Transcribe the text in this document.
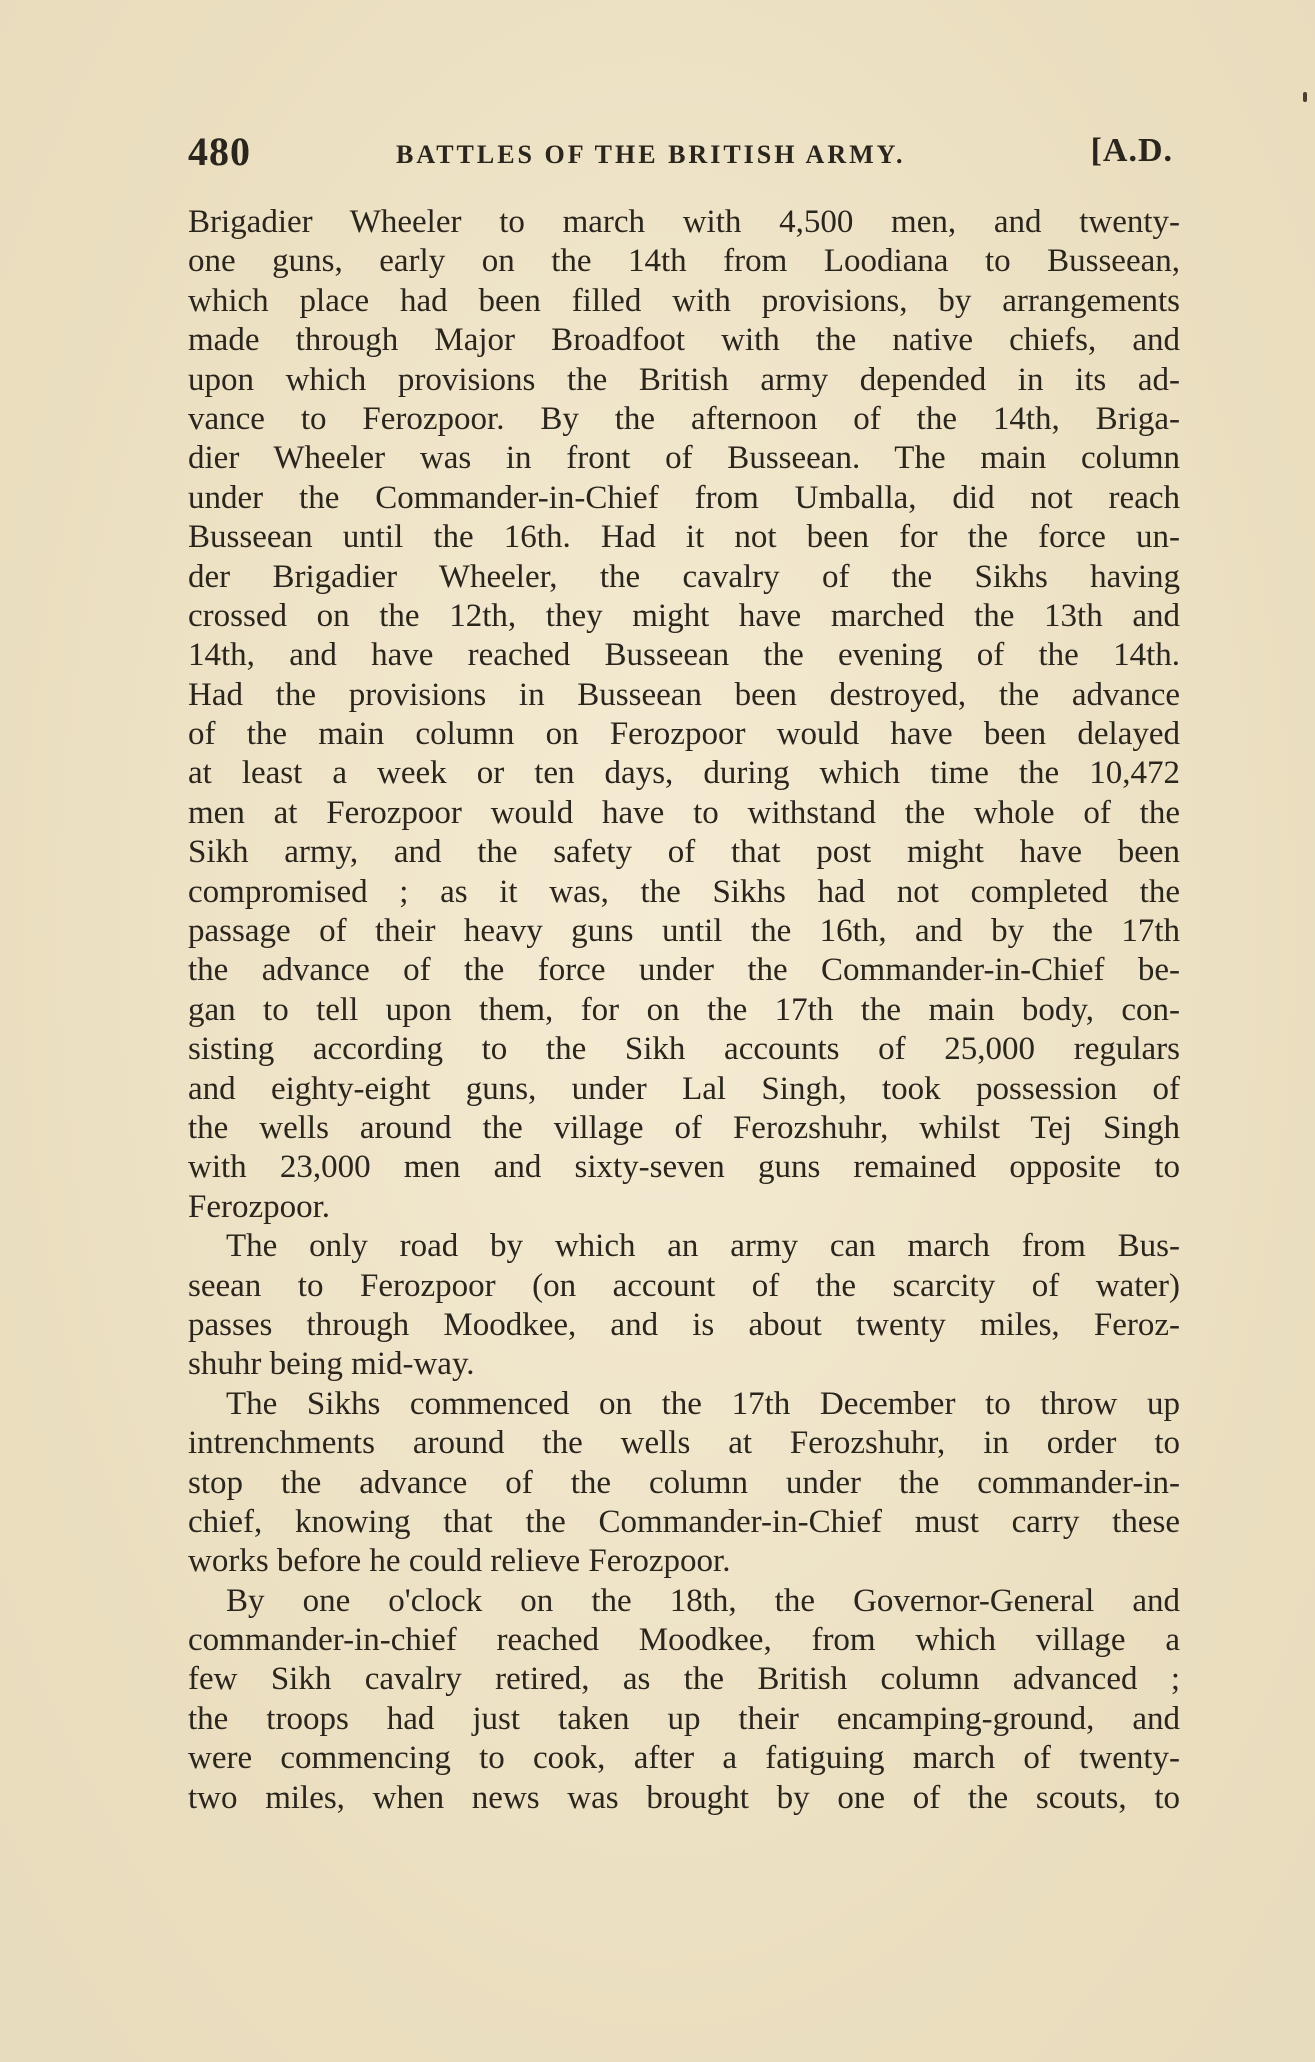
480	BATTLES OF THE BRITISH ARMY.	[A.D.
Brigadier Wheeler to march with 4,500 men, and twenty-
one guns, early on the 14th from Loodiana to Busseean,
which place had been filled with provisions, by arrangements
made through Major Broadfoot with the native chiefs, and
upon which provisions the British army depended in its ad-
vance to Ferozpoor. By the afternoon of the 14th, Briga-
dier Wheeler was in front of Busseean. The main column
under the Commander-in-Chief from Umballa, did not reach
Busseean until the 16th. Had it not been for the force un-
der Brigadier Wheeler, the cavalry of the Sikhs having
crossed on the 12th, they might have marched the 13th and
14th, and have reached Busseean the evening of the 14th.
Had the provisions in Busseean been destroyed, the advance
of the main column on Ferozpoor would have been delayed
at least a week or ten days, during which time the 10,472
men at Ferozpoor would have to withstand the whole of the
Sikh army, and the safety of that post might have been
compromised ; as it was, the Sikhs had not completed the
passage of their heavy guns until the 16th, and by the 17th
the advance of the force under the Commander-in-Chief be-
gan to tell upon them, for on the 17th the main body, con-
sisting according to the Sikh accounts of 25,000 regulars
and eighty-eight guns, under Lal Singh, took possession of
the wells around the village of Ferozshuhr, whilst Tej Singh
with 23,000 men and sixty-seven guns remained opposite to
Ferozpoor.
The only road by which an army can march from Bus-
seean to Ferozpoor (on account of the scarcity of water)
passes through Moodkee, and is about twenty miles, Feroz-
shuhr being mid-way.
The Sikhs commenced on the 17th December to throw up
intrenchments around the wells at Ferozshuhr, in order to
stop the advance of the column under the commander-in-
chief, knowing that the Commander-in-Chief must carry these
works before he could relieve Ferozpoor.
By one o'clock on the 18th, the Governor-General and
commander-in-chief reached Moodkee, from which village a
few Sikh cavalry retired, as the British column advanced ;
the troops had just taken up their encamping-ground, and
were commencing to cook, after a fatiguing march of twenty-
two miles, when news was brought by one of the scouts, to
